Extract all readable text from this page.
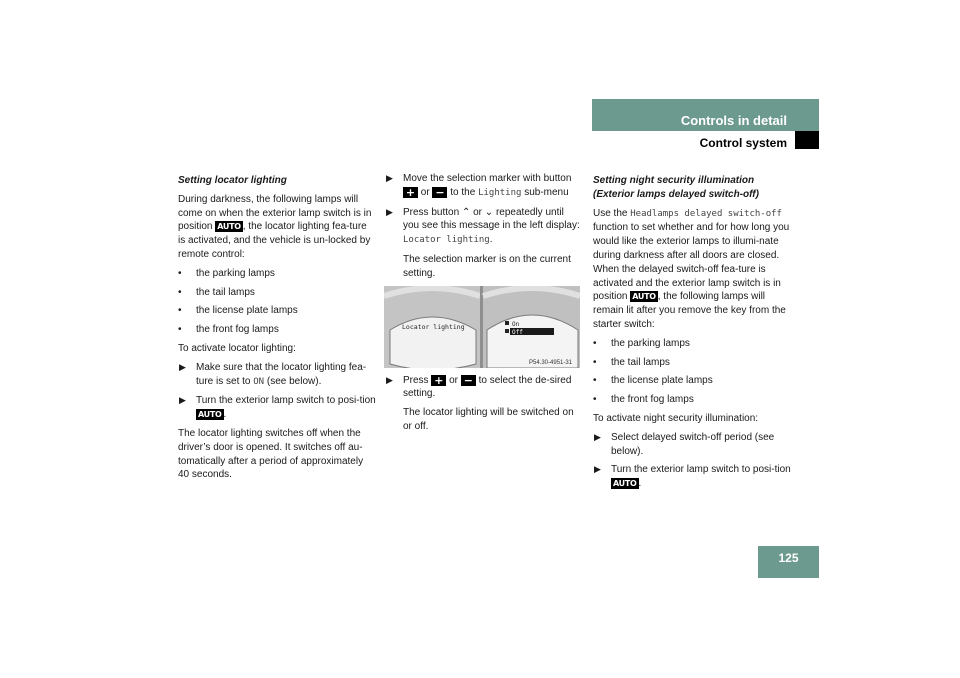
Controls in detail
Control system
Setting locator lighting
During darkness, the following lamps will come on when the exterior lamp switch is in position AUTO , the locator lighting fea-ture is activated, and the vehicle is un-locked by remote control:
• the parking lamps
• the tail lamps
• the license plate lamps
• the front fog lamps
To activate locator lighting:
▶ Make sure that the locator lighting fea-ture is set to ON (see below).
▶ Turn the exterior lamp switch to posi-tion AUTO .
The locator lighting switches off when the driver’s door is opened. It switches off au-tomatically after a period of approximately 40 seconds.
▶ Move the selection marker with button + or − to the Lighting sub-menu
▶ Press button ⌃ or ⌄ repeatedly until you see this message in the left display: Locator lighting.
The selection marker is on the current setting.
Locator lighting	On
Off
P54.30-4951-31
▶ Press + or − to select the de-sired setting.
The locator lighting will be switched on or off.
Setting night security illumination (Exterior lamps delayed switch-off)
Use the Headlamps delayed switch-off function to set whether and for how long you would like the exterior lamps to illumi-nate during darkness after all doors are closed. When the delayed switch-off fea-ture is activated and the exterior lamp switch is in position AUTO , the following lamps will remain lit after you remove the key from the starter switch:
• the parking lamps
• the tail lamps
• the license plate lamps
• the front fog lamps
To activate night security illumination:
▶ Select delayed switch-off period (see below).
▶ Turn the exterior lamp switch to posi-tion AUTO .
125
